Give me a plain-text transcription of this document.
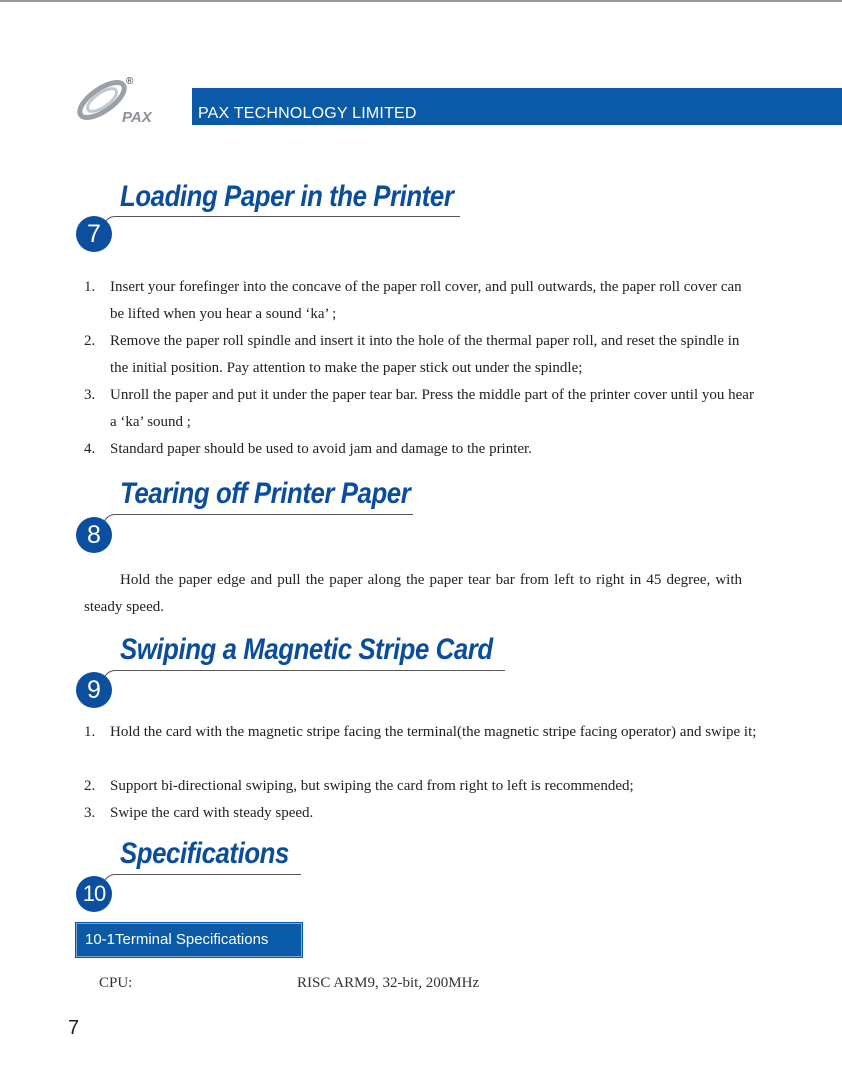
PAX
®
PAX TECHNOLOGY LIMITED
Loading Paper in the Printer
7
1. Insert your forefinger into the concave of the paper roll cover, and pull outwards, the paper roll cover can be lifted when you hear a sound ‘ka’ ;
2. Remove the paper roll spindle and insert it into the hole of the thermal paper roll, and reset the spindle in the initial position. Pay attention to make the paper stick out under the spindle;
3. Unroll the paper and put it under the paper tear bar. Press the middle part of the printer cover until you hear a ‘ka’ sound ;
4. Standard paper should be used to avoid jam and damage to the printer.
Tearing off Printer Paper
8
Hold the paper edge and pull the paper along the paper tear bar from left to right in 45 degree, with steady speed.
Swiping a Magnetic Stripe Card
9
1. Hold the card with the magnetic stripe facing the terminal(the magnetic stripe facing operator) and swipe it;
2. Support bi-directional swiping, but swiping the card from right to left is recommended;
3. Swipe the card with steady speed.
Specifications
10
10-1Terminal Specifications
CPU:	RISC ARM9, 32-bit, 200MHz
7
